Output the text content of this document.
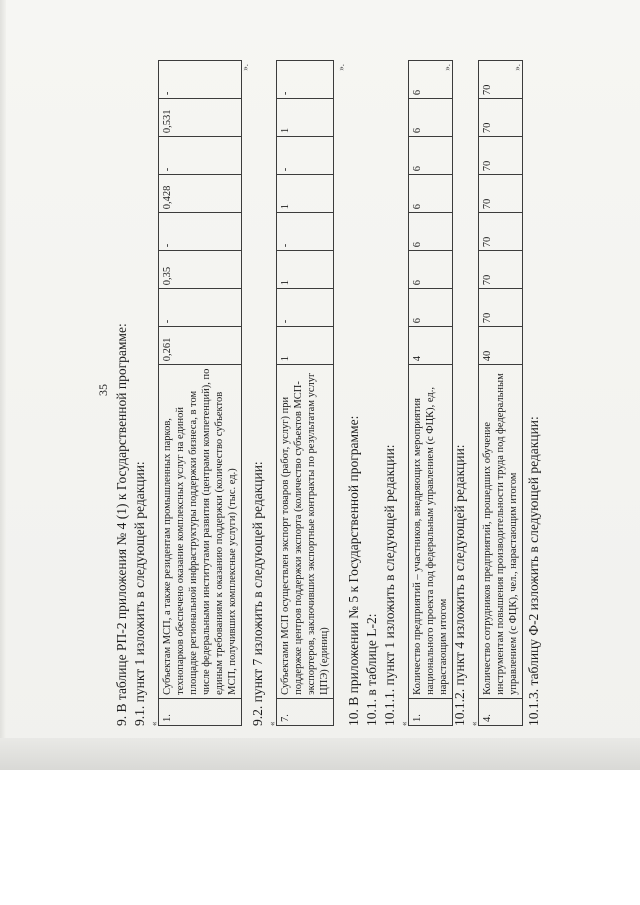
35 9. В таблице РП-2 приложения № 4 (1) к Государственной программе: 9.1. пункт 1 изложить в следующей редакции: «
1.	Субъектам МСП, а также резидентам промышленных парков, технопарков обеспечено оказание комплексных услуг на единой площадке региональной инфраструктуры поддержки бизнеса, в том числе федеральными институтами развития (центрами компетенций), по единым требованиям к оказанию поддержки (количество субъектов МСП, получивших комплексные услуги) (тыс. ед.)	0,261	-	0,35	-	0,428	-	0,531	-
».
9.2. пункт 7 изложить в следующей редакции: «
7.	Субъектами МСП осуществлен экспорт товаров (работ, услуг) при поддержке центров поддержки экспорта (количество субъектов МСП-экспортеров, заключивших экспортные контракты по результатам услуг ЦПЭ) (единиц)	1	-	1	-	1	-	1	-
».
10. В приложении № 5 к Государственной программе: 10.1. в таблице L-2: 10.1.1. пункт 1 изложить в следующей редакции: «
1.	Количество предприятий – участников, внедряющих мероприятия национального проекта под федеральным управлением (с ФЦК), ед., нарастающим итогом	4	6	6	6	6	6	6	6
».
10.1.2. пункт 4 изложить в следующей редакции: «
4.	Количество сотрудников предприятий, прошедших обучение инструментам повышения производительности труда под федеральным управлением (с ФЦК), чел., нарастающим итогом	40	70	70	70	70	70	70	70
».
10.1.3. таблицу Ф-2 изложить в следующей редакции:
